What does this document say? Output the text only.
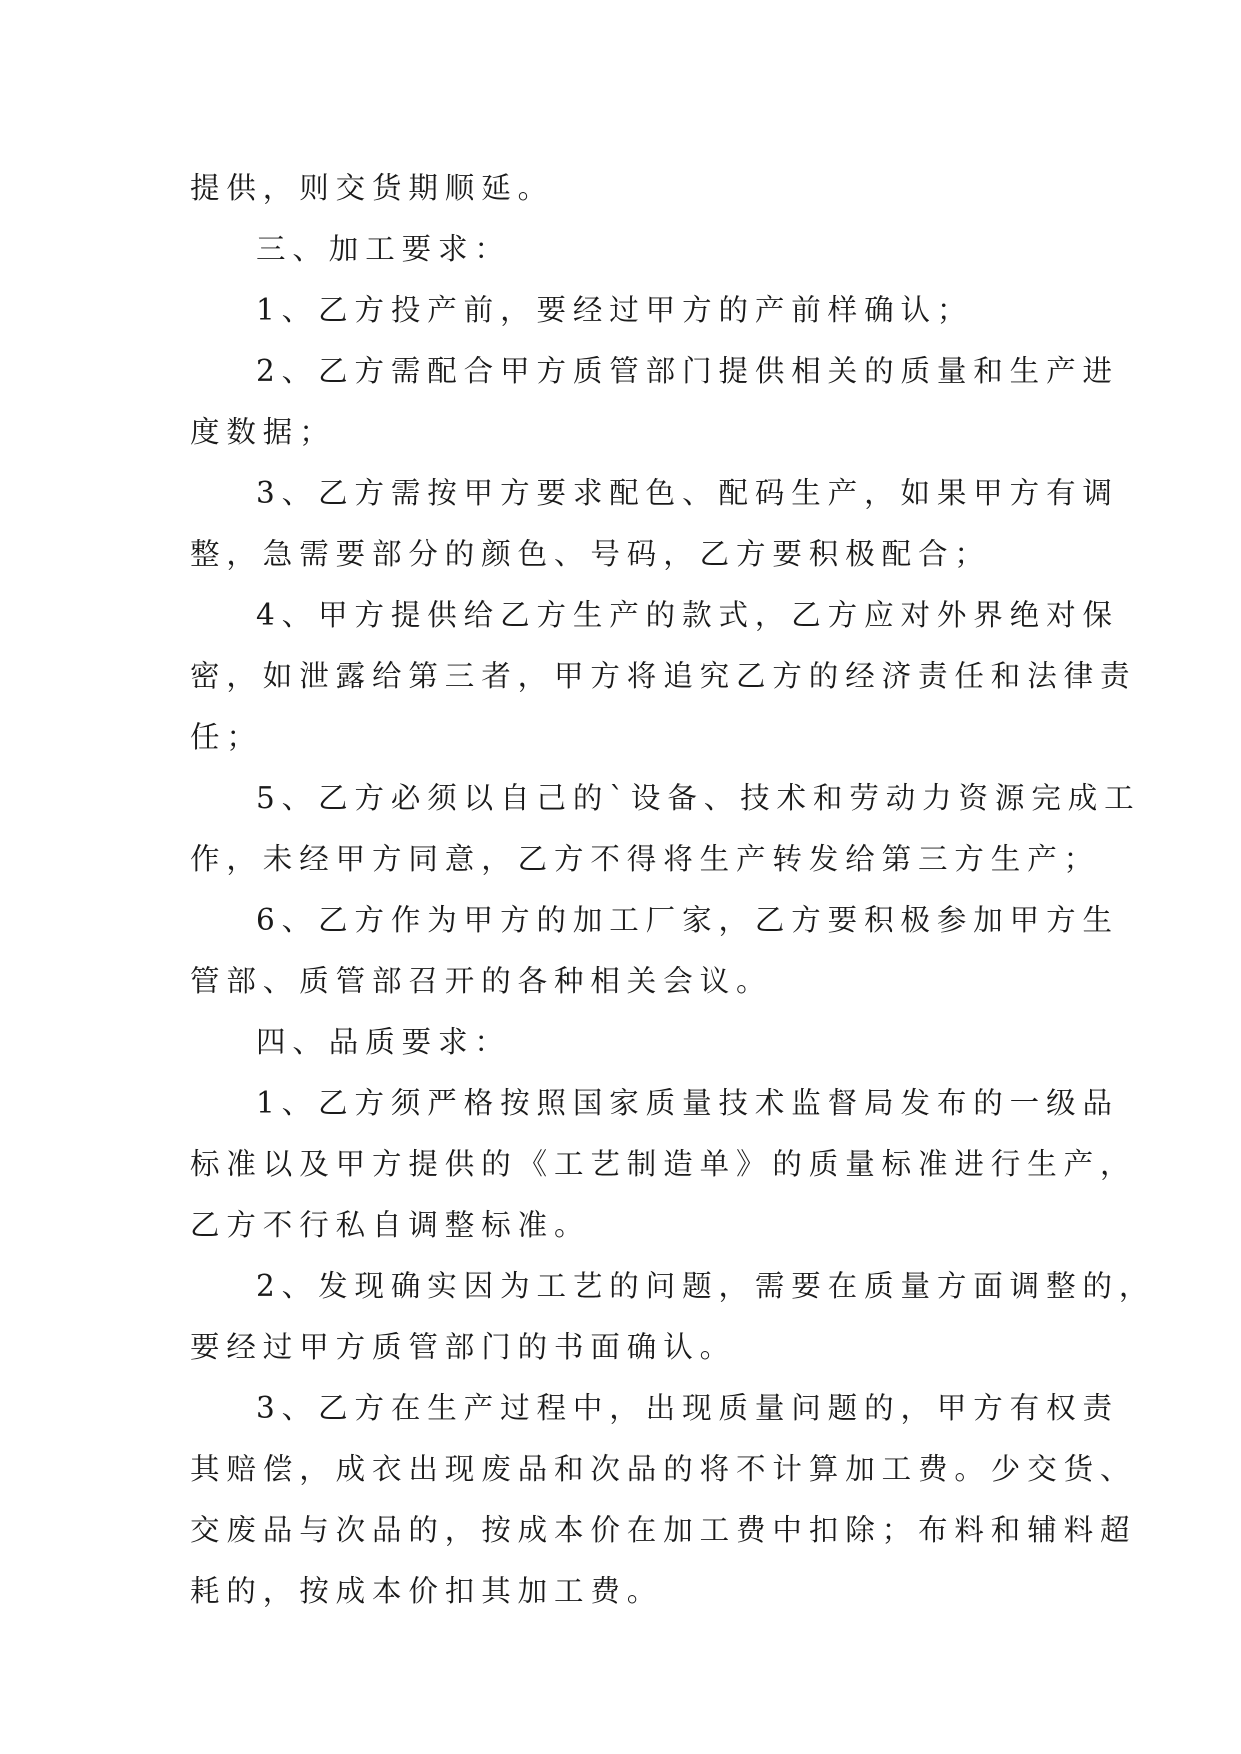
提供，则交货期顺延。
三、加工要求：
1、乙方投产前，要经过甲方的产前样确认；
2、乙方需配合甲方质管部门提供相关的质量和生产进
度数据；
3、乙方需按甲方要求配色、配码生产，如果甲方有调
整，急需要部分的颜色、号码，乙方要积极配合；
4、甲方提供给乙方生产的款式，乙方应对外界绝对保
密，如泄露给第三者，甲方将追究乙方的经济责任和法律责
任；
5、乙方必须以自己的`设备、技术和劳动力资源完成工
作，未经甲方同意，乙方不得将生产转发给第三方生产；
6、乙方作为甲方的加工厂家，乙方要积极参加甲方生
管部、质管部召开的各种相关会议。
四、品质要求：
1、乙方须严格按照国家质量技术监督局发布的一级品
标准以及甲方提供的《工艺制造单》的质量标准进行生产，
乙方不行私自调整标准。
2、发现确实因为工艺的问题，需要在质量方面调整的，
要经过甲方质管部门的书面确认。
3、乙方在生产过程中，出现质量问题的，甲方有权责
其赔偿，成衣出现废品和次品的将不计算加工费。少交货、
交废品与次品的，按成本价在加工费中扣除；布料和辅料超
耗的，按成本价扣其加工费。
